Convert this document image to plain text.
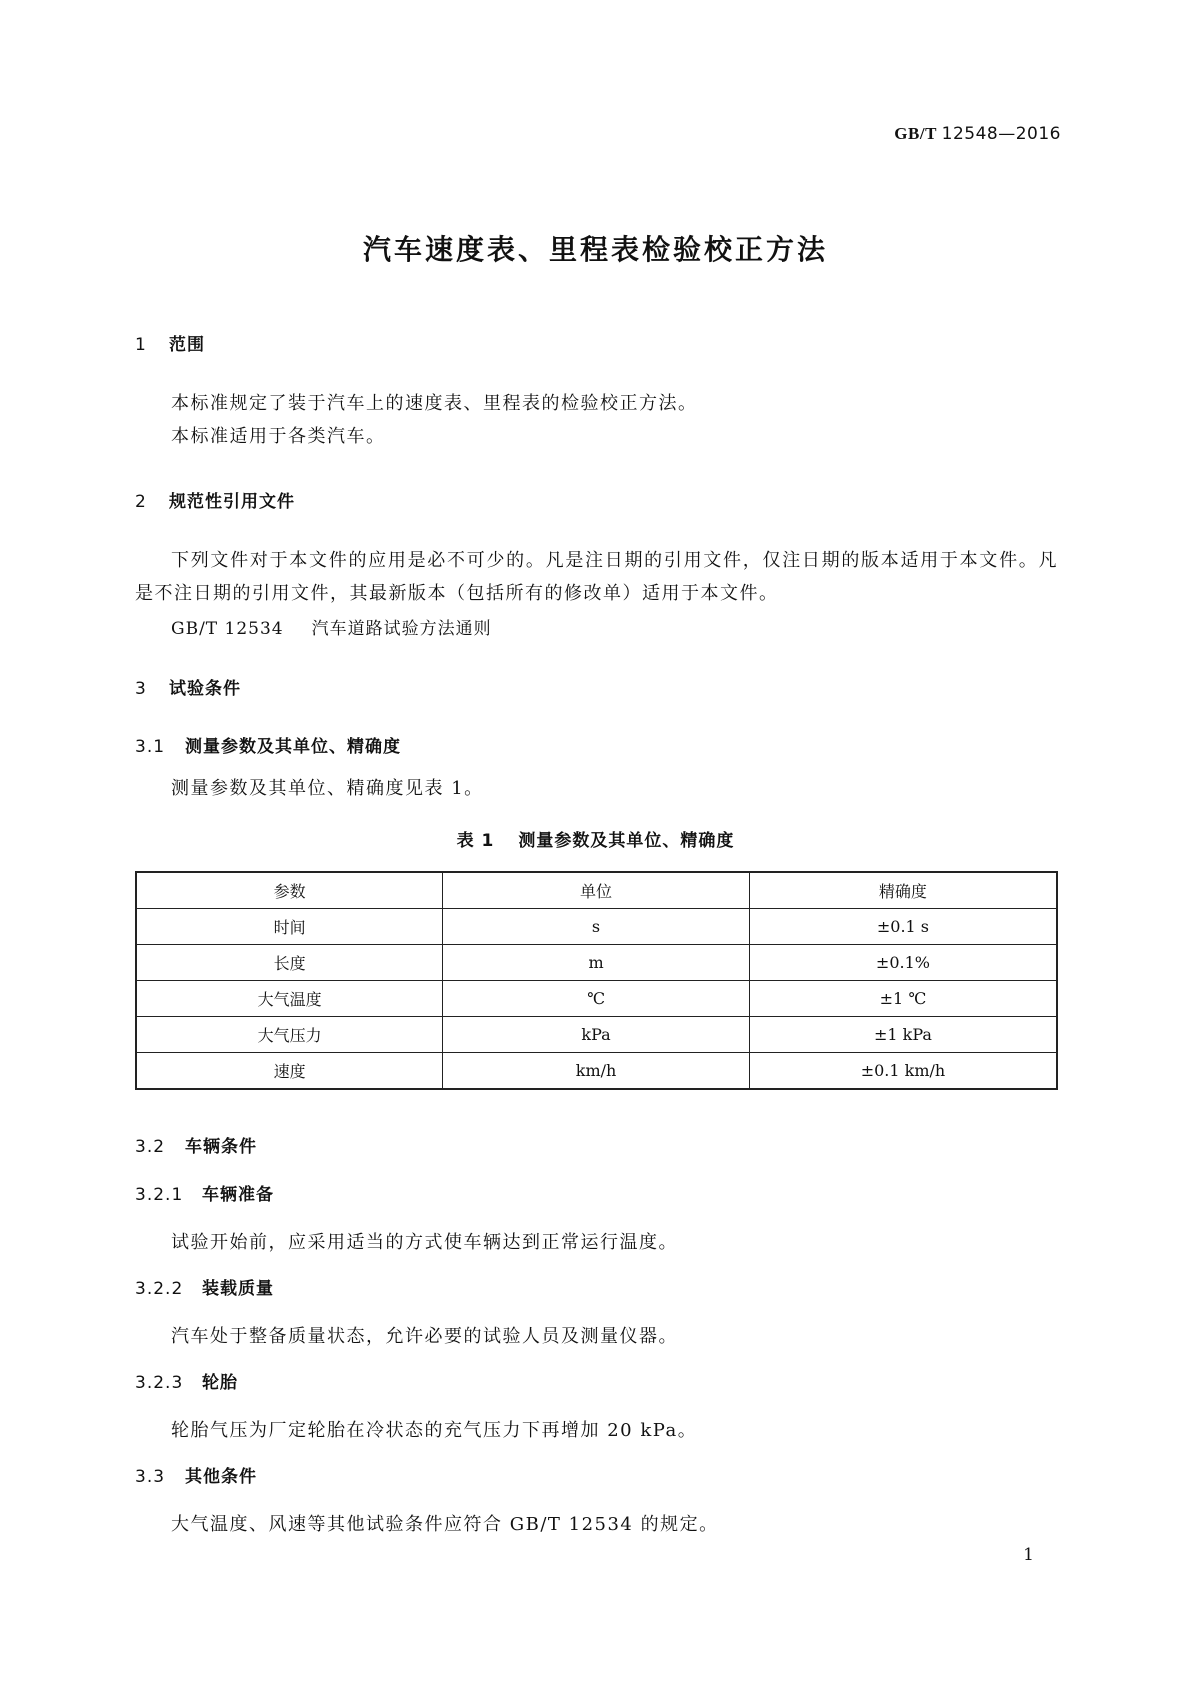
GB/T 12548—2016
汽车速度表、里程表检验校正方法
1 范围

本标准规定了装于汽车上的速度表、里程表的检验校正方法。

本标准适用于各类汽车。

2 规范性引用文件

下列文件对于本文件的应用是必不可少的。凡是注日期的引用文件，仅注日期的版本适用于本文件。凡是不注日期的引用文件，其最新版本（包括所有的修改单）适用于本文件。

GB/T 12534 汽车道路试验方法通则
3 试验条件
3.1 测量参数及其单位、精确度

测量参数及其单位、精确度见表 1。

表 1 测量参数及其单位、精确度
参数	单位	精确度
时间	s	±0.1 s
长度	m	±0.1%
大气温度	℃	±1 ℃
大气压力	kPa	±1 kPa
速度	km/h	±0.1 km/h
3.2 车辆条件
3.2.1 车辆准备

试验开始前，应采用适当的方式使车辆达到正常运行温度。

3.2.2 装载质量

汽车处于整备质量状态，允许必要的试验人员及测量仪器。

3.2.3 轮胎

轮胎气压为厂定轮胎在冷状态的充气压力下再增加 20 kPa。

3.3 其他条件

大气温度、风速等其他试验条件应符合 GB/T 12534 的规定。

1
